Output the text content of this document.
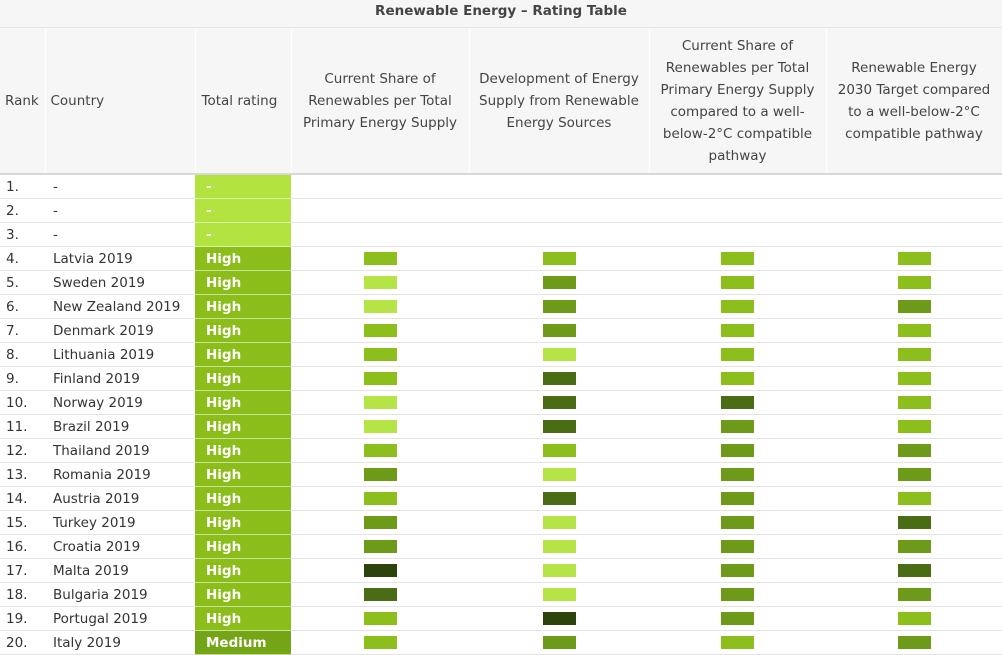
Renewable Energy – Rating Table
Rank	Country	Total rating	Current Share of Renewables per Total Primary Energy Supply	Development of Energy Supply from Renewable Energy Sources	Current Share of Renewables per Total Primary Energy Supply compared to a well-below-2°C compatible pathway	Renewable Energy 2030 Target compared to a well-below-2°C compatible pathway
1.	-	-				
2.	-	-				
3.	-	-				
4.	Latvia 2019	High				
5.	Sweden 2019	High				
6.	New Zealand 2019	High				
7.	Denmark 2019	High				
8.	Lithuania 2019	High				
9.	Finland 2019	High				
10.	Norway 2019	High				
11.	Brazil 2019	High				
12.	Thailand 2019	High				
13.	Romania 2019	High				
14.	Austria 2019	High				
15.	Turkey 2019	High				
16.	Croatia 2019	High				
17.	Malta 2019	High				
18.	Bulgaria 2019	High				
19.	Portugal 2019	High				
20.	Italy 2019	Medium				
